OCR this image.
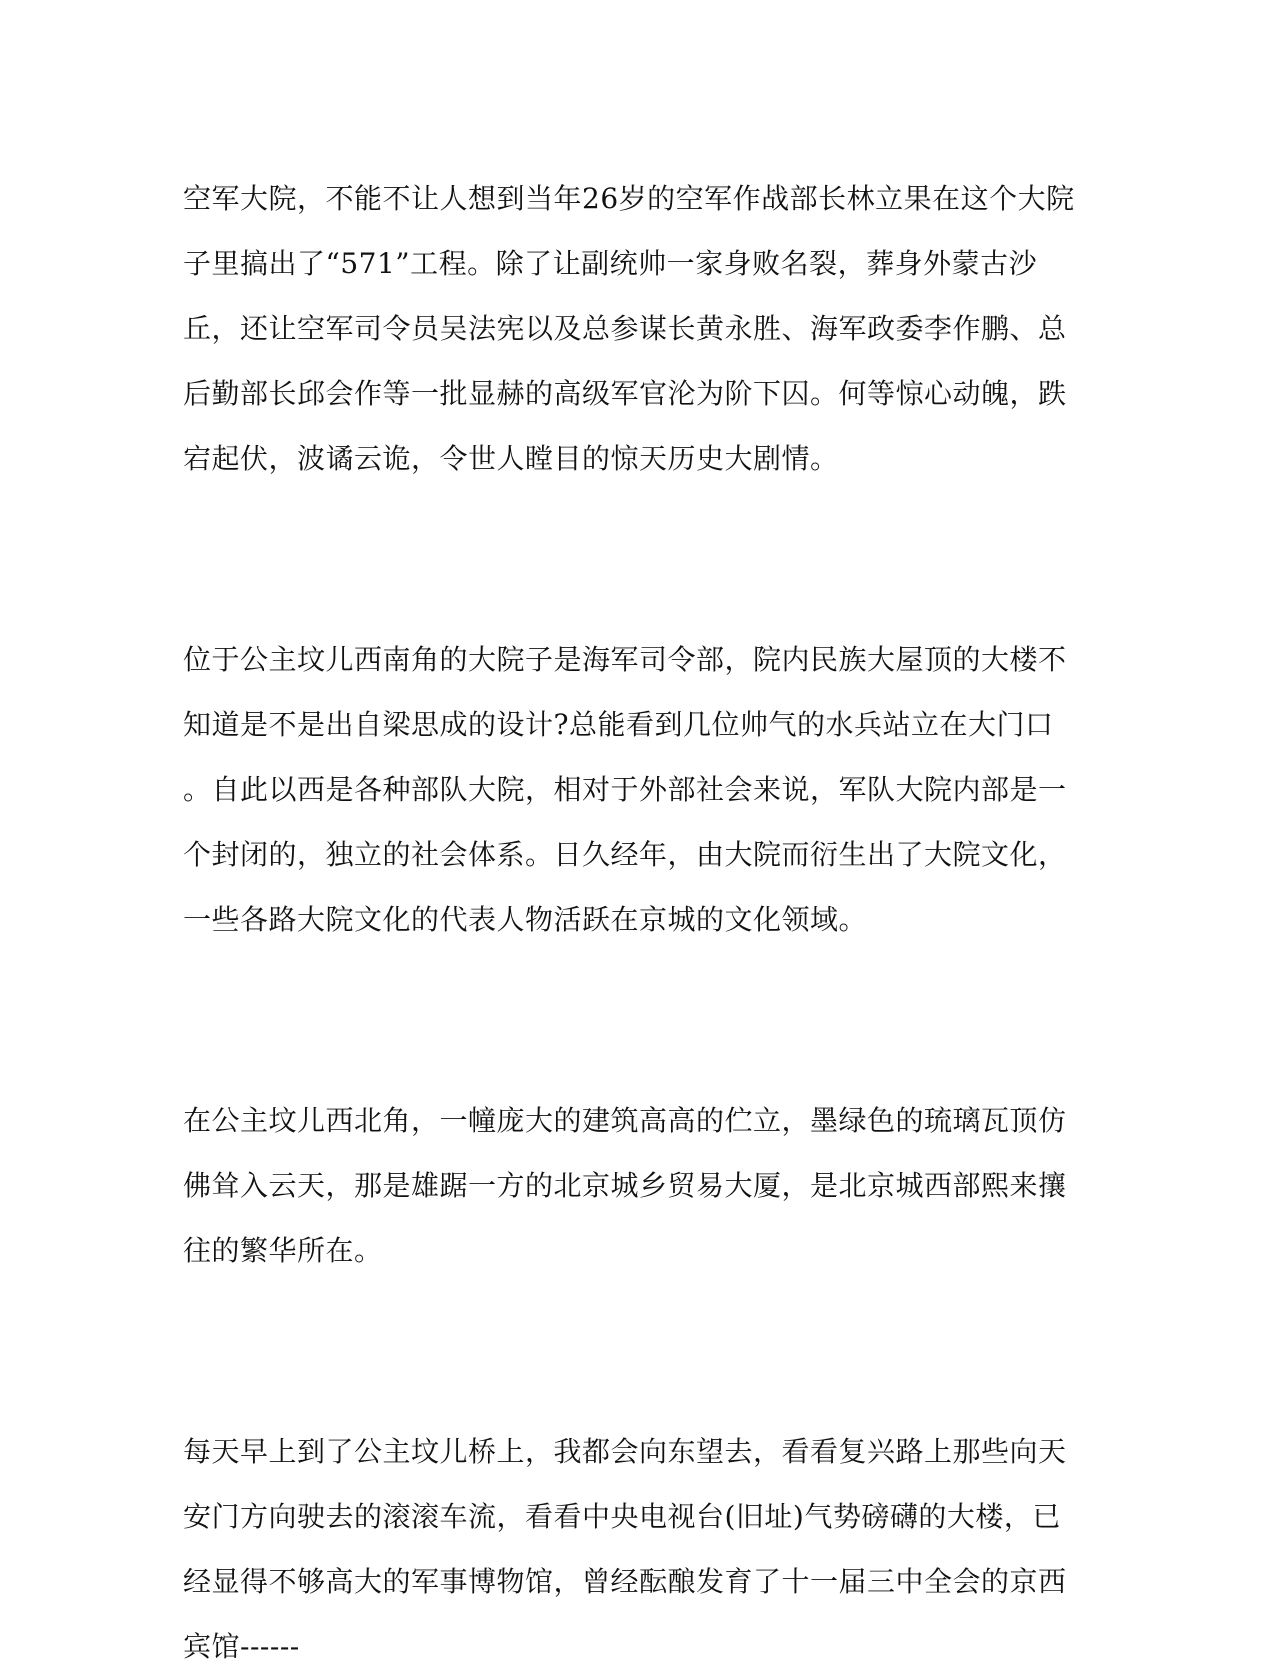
空军大院，不能不让人想到当年26岁的空军作战部长林立果在这个大院
子里搞出了“571”工程。除了让副统帅一家身败名裂，葬身外蒙古沙
丘，还让空军司令员吴法宪以及总参谋长黄永胜、海军政委李作鹏、总
后勤部长邱会作等一批显赫的高级军官沦为阶下囚。何等惊心动魄，跌
宕起伏，波谲云诡，令世人瞠目的惊天历史大剧情。
位于公主坟儿西南角的大院子是海军司令部，院内民族大屋顶的大楼不
知道是不是出自梁思成的设计?总能看到几位帅气的水兵站立在大门口
。自此以西是各种部队大院，相对于外部社会来说，军队大院内部是一
个封闭的，独立的社会体系。日久经年，由大院而衍生出了大院文化，
一些各路大院文化的代表人物活跃在京城的文化领域。
在公主坟儿西北角，一幢庞大的建筑高高的伫立，墨绿色的琉璃瓦顶仿
佛耸入云天，那是雄踞一方的北京城乡贸易大厦，是北京城西部熙来攘
往的繁华所在。
每天早上到了公主坟儿桥上，我都会向东望去，看看复兴路上那些向天
安门方向驶去的滚滚车流，看看中央电视台(旧址)气势磅礴的大楼，已
经显得不够高大的军事博物馆，曾经酝酿发育了十一届三中全会的京西
宾馆------
